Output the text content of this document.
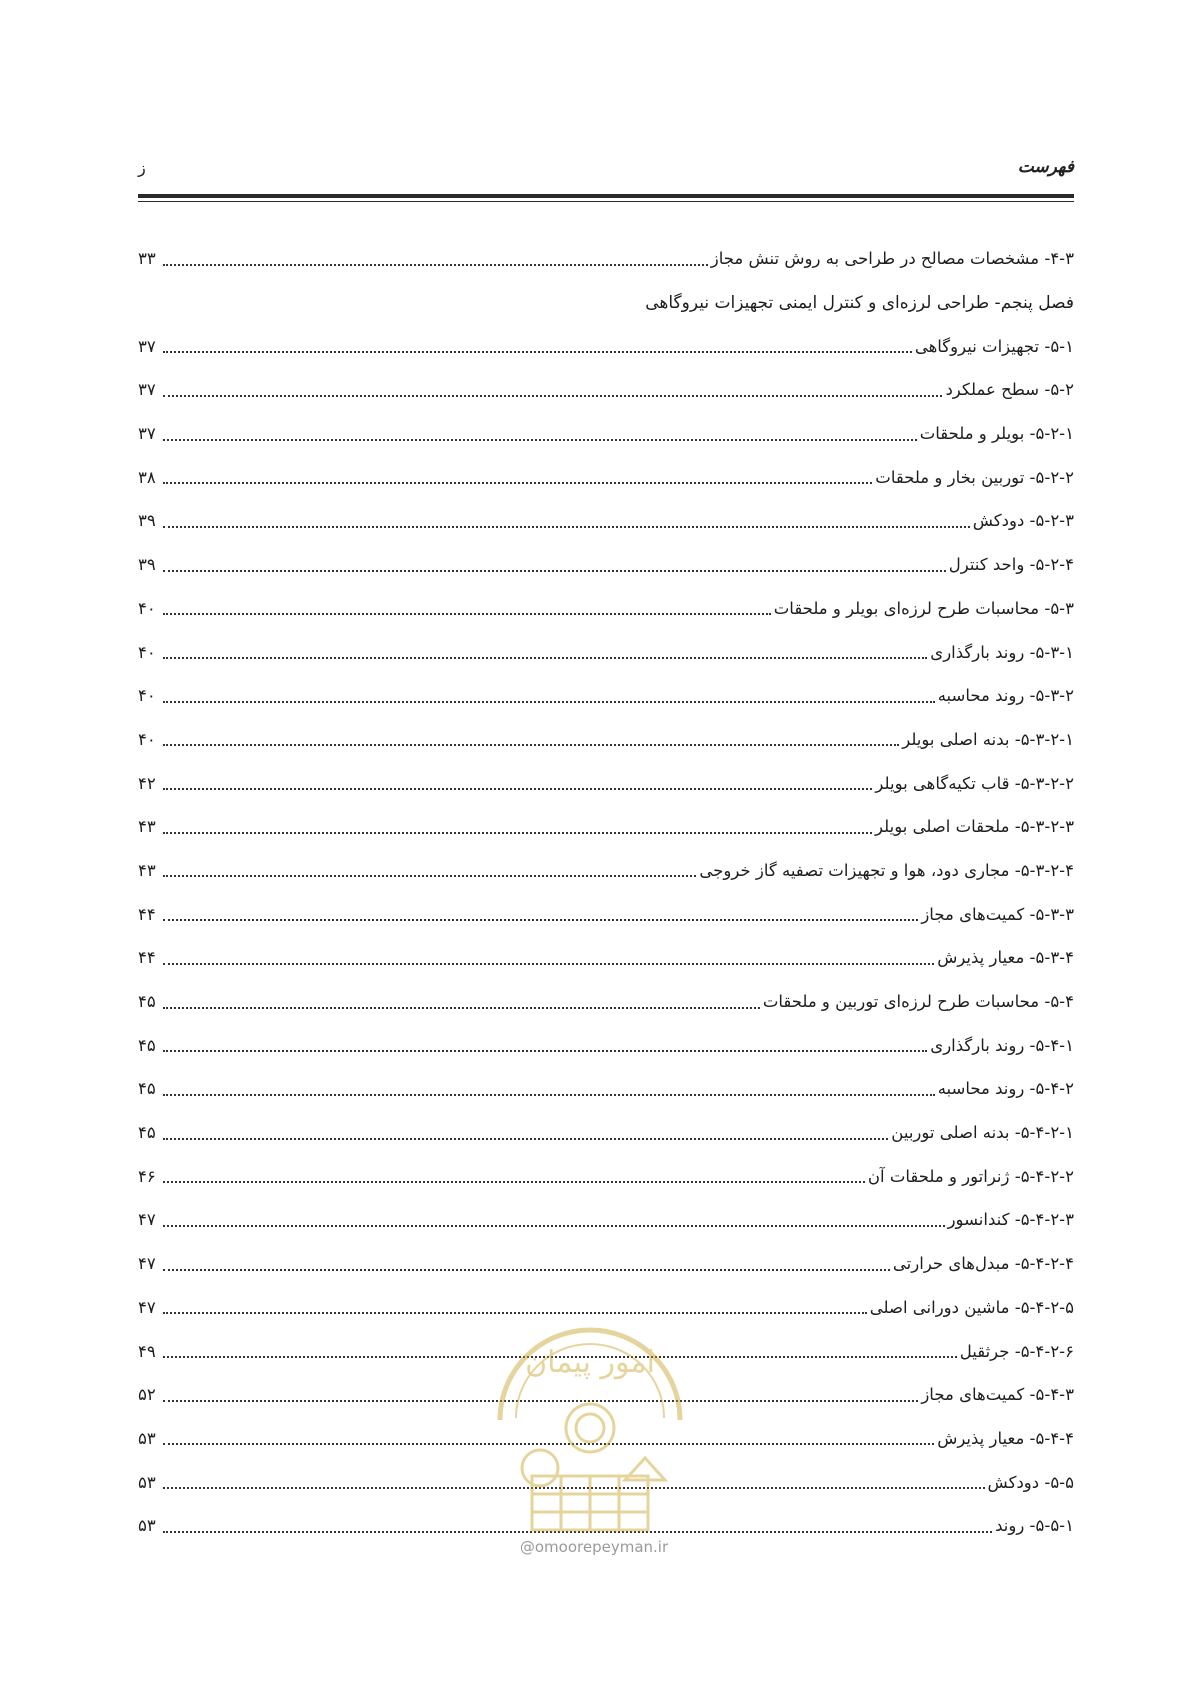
فهرست
ز
۴-۳- مشخصات مصالح در طراحی به روش تنش مجاز
۳۳
فصل پنجم- طراحی لرزه‌ای و کنترل ایمنی تجهیزات نیروگاهی
۵-۱- تجهیزات نیروگاهی
۳۷
۵-۲- سطح عملکرد
۳۷
۵-۲-۱- بویلر و ملحقات
۳۷
۵-۲-۲- توربین بخار و ملحقات
۳۸
۵-۲-۳- دودکش
۳۹
۵-۲-۴- واحد کنترل
۳۹
۵-۳- محاسبات طرح لرزه‌ای بویلر و ملحقات
۴۰
۵-۳-۱- روند بارگذاری
۴۰
۵-۳-۲- روند محاسبه
۴۰
۵-۳-۲-۱- بدنه اصلی بویلر
۴۰
۵-۳-۲-۲- قاب تکیه‌گاهی بویلر
۴۲
۵-۳-۲-۳- ملحقات اصلی بویلر
۴۳
۵-۳-۲-۴- مجاری دود، هوا و تجهیزات تصفیه گاز خروجی
۴۳
۵-۳-۳- کمیت‌های مجاز
۴۴
۵-۳-۴- معیار پذیرش
۴۴
۵-۴- محاسبات طرح لرزه‌ای توربین و ملحقات
۴۵
۵-۴-۱- روند بارگذاری
۴۵
۵-۴-۲- روند محاسبه
۴۵
۵-۴-۲-۱- بدنه اصلی توربین
۴۵
۵-۴-۲-۲- ژنراتور و ملحقات آن
۴۶
۵-۴-۲-۳- کندانسور
۴۷
۵-۴-۲-۴- مبدل‌های حرارتی
۴۷
۵-۴-۲-۵- ماشین دورانی اصلی
۴۷
۵-۴-۲-۶- جرثقیل
۴۹
۵-۴-۳- کمیت‌های مجاز
۵۲
۵-۴-۴- معیار پذیرش
۵۳
۵-۵- دودکش
۵۳
۵-۵-۱- روند
۵۳
امور پیمان
@omoorepeyman.ir
